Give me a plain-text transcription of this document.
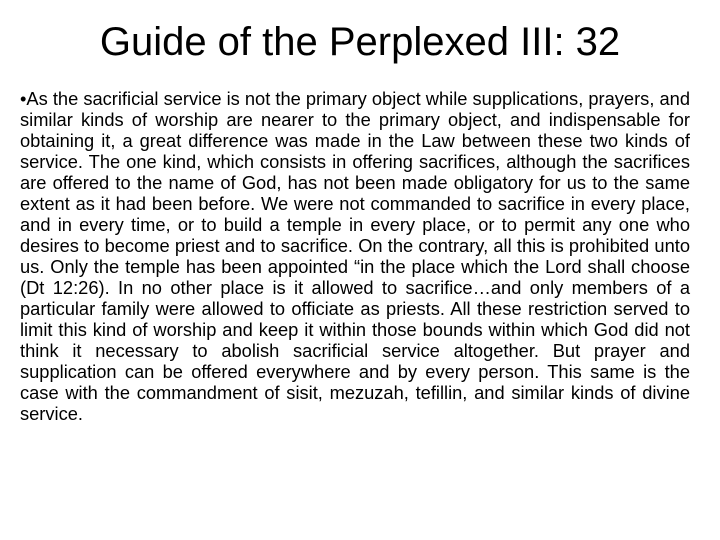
Guide of the Perplexed III: 32

•As the sacrificial service is not the primary object while supplications, prayers, and similar kinds of worship are nearer to the primary object, and indispensable for obtaining it, a great difference was made in the Law between these two kinds of service. The one kind, which consists in offering sacrifices, although the sacrifices are offered to the name of God, has not been made obligatory for us to the same extent as it had been before. We were not commanded to sacrifice in every place, and in every time, or to build a temple in every place, or to permit any one who desires to become priest and to sacrifice. On the contrary, all this is prohibited unto us. Only the temple has been appointed “in the place which the Lord shall choose (Dt 12:26). In no other place is it allowed to sacrifice…and only members of a particular family were allowed to officiate as priests. All these restriction served to limit this kind of worship and keep it within those bounds within which God did not think it necessary to abolish sacrificial service altogether. But prayer and supplication can be offered everywhere and by every person. This same is the case with the commandment of sisit, mezuzah, tefillin, and similar kinds of divine service.
